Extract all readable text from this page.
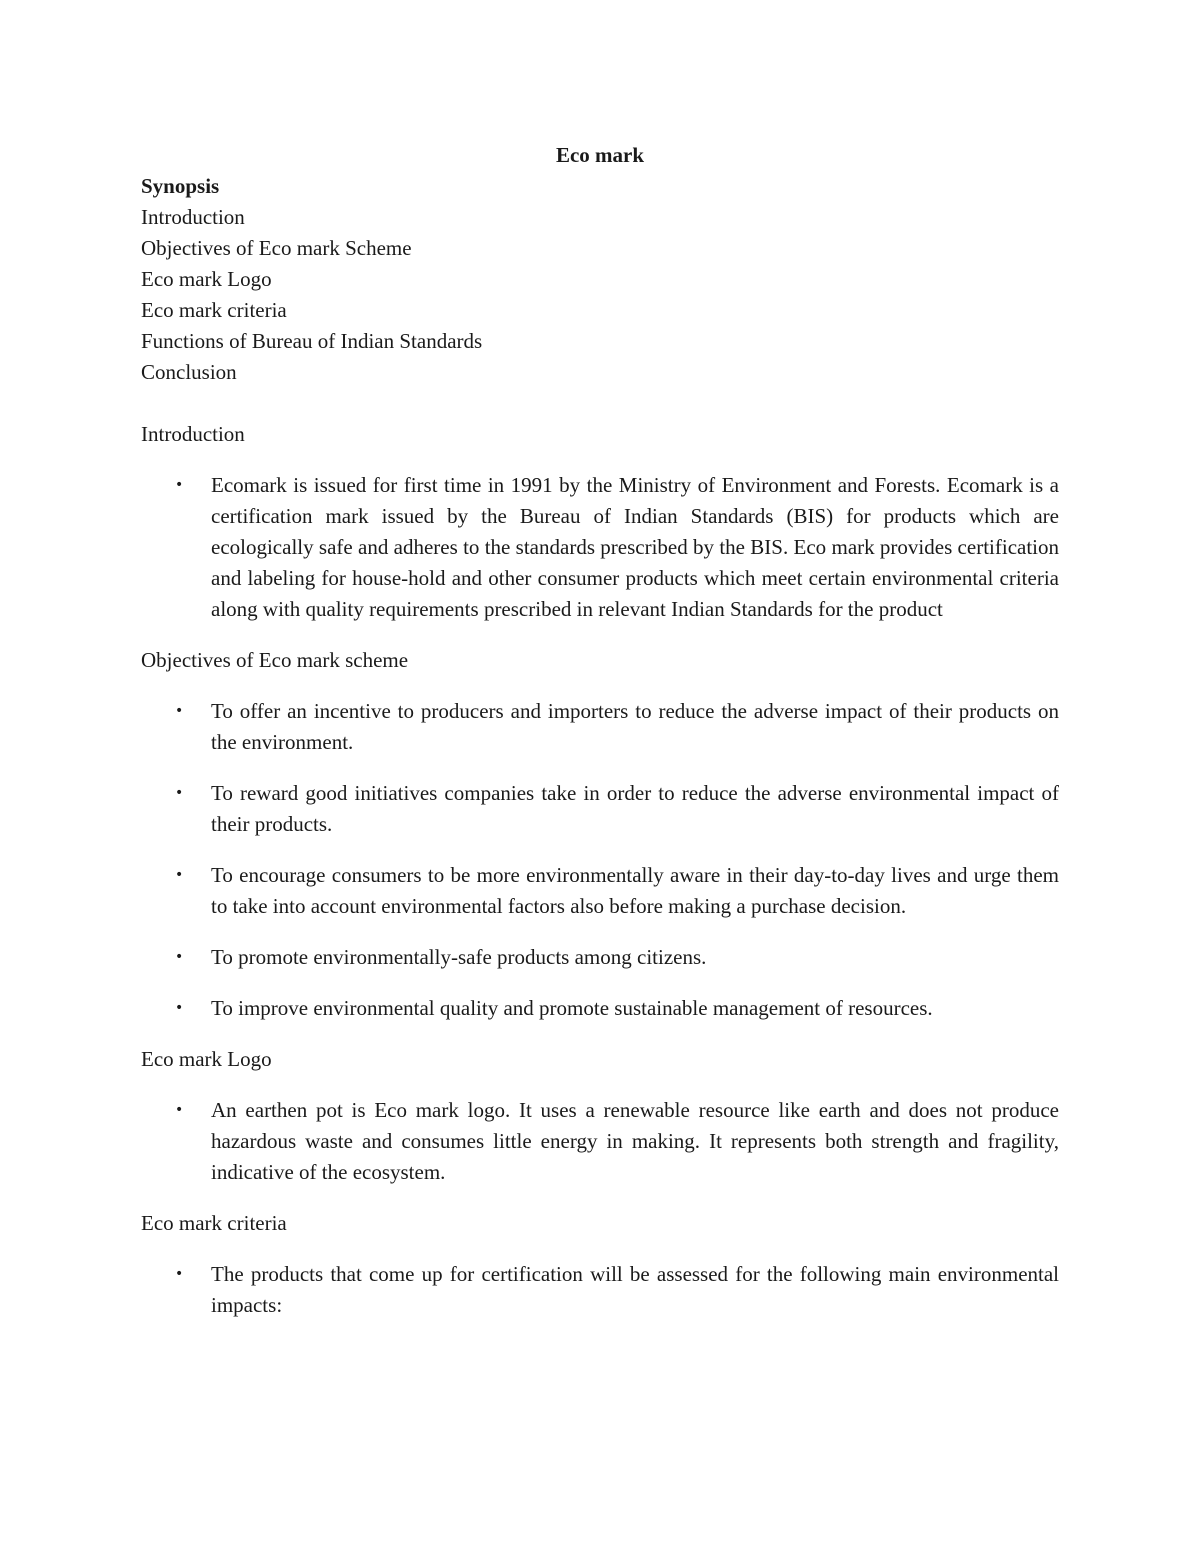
Eco mark

Synopsis

Introduction

Objectives of Eco mark Scheme

Eco mark Logo

Eco mark criteria

Functions of Bureau of Indian Standards

Conclusion

Introduction

• Ecomark is issued for first time in 1991 by the Ministry of Environment and Forests. Ecomark is a certification mark issued by the Bureau of Indian Standards (BIS) for products which are ecologically safe and adheres to the standards prescribed by the BIS. Eco mark provides certification and labeling for house-hold and other consumer products which meet certain environmental criteria along with quality requirements prescribed in relevant Indian Standards for the product

Objectives of Eco mark scheme

• To offer an incentive to producers and importers to reduce the adverse impact of their products on the environment.
• To reward good initiatives companies take in order to reduce the adverse environmental impact of their products.
• To encourage consumers to be more environmentally aware in their day-to-day lives and urge them to take into account environmental factors also before making a purchase decision.
• To promote environmentally-safe products among citizens.
• To improve environmental quality and promote sustainable management of resources.

Eco mark Logo

• An earthen pot is Eco mark logo. It uses a renewable resource like earth and does not produce hazardous waste and consumes little energy in making. It represents both strength and fragility, indicative of the ecosystem.

Eco mark criteria

• The products that come up for certification will be assessed for the following main environmental impacts:
